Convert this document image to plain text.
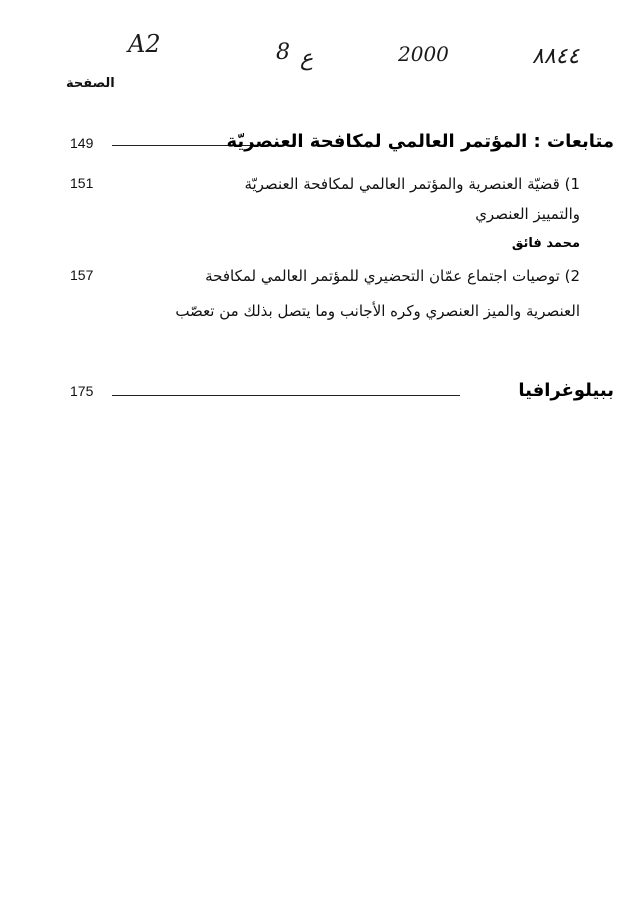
A2	8 ع	2000	٨٨٤٤
الصفحة
149	متابعات : المؤتمر العالمي لمكافحة العنصريّة
151	1) قضيّة العنصرية والمؤتمر العالمي لمكافحة العنصريّة
والتمييز العنصري
محمد فائق
157	2) توصيات اجتماع عمّان التحضيري للمؤتمر العالمي لمكافحة
العنصرية والميز العنصري وكره الأجانب وما يتصل بذلك من تعصّب
175	ببيلوغرافيا
